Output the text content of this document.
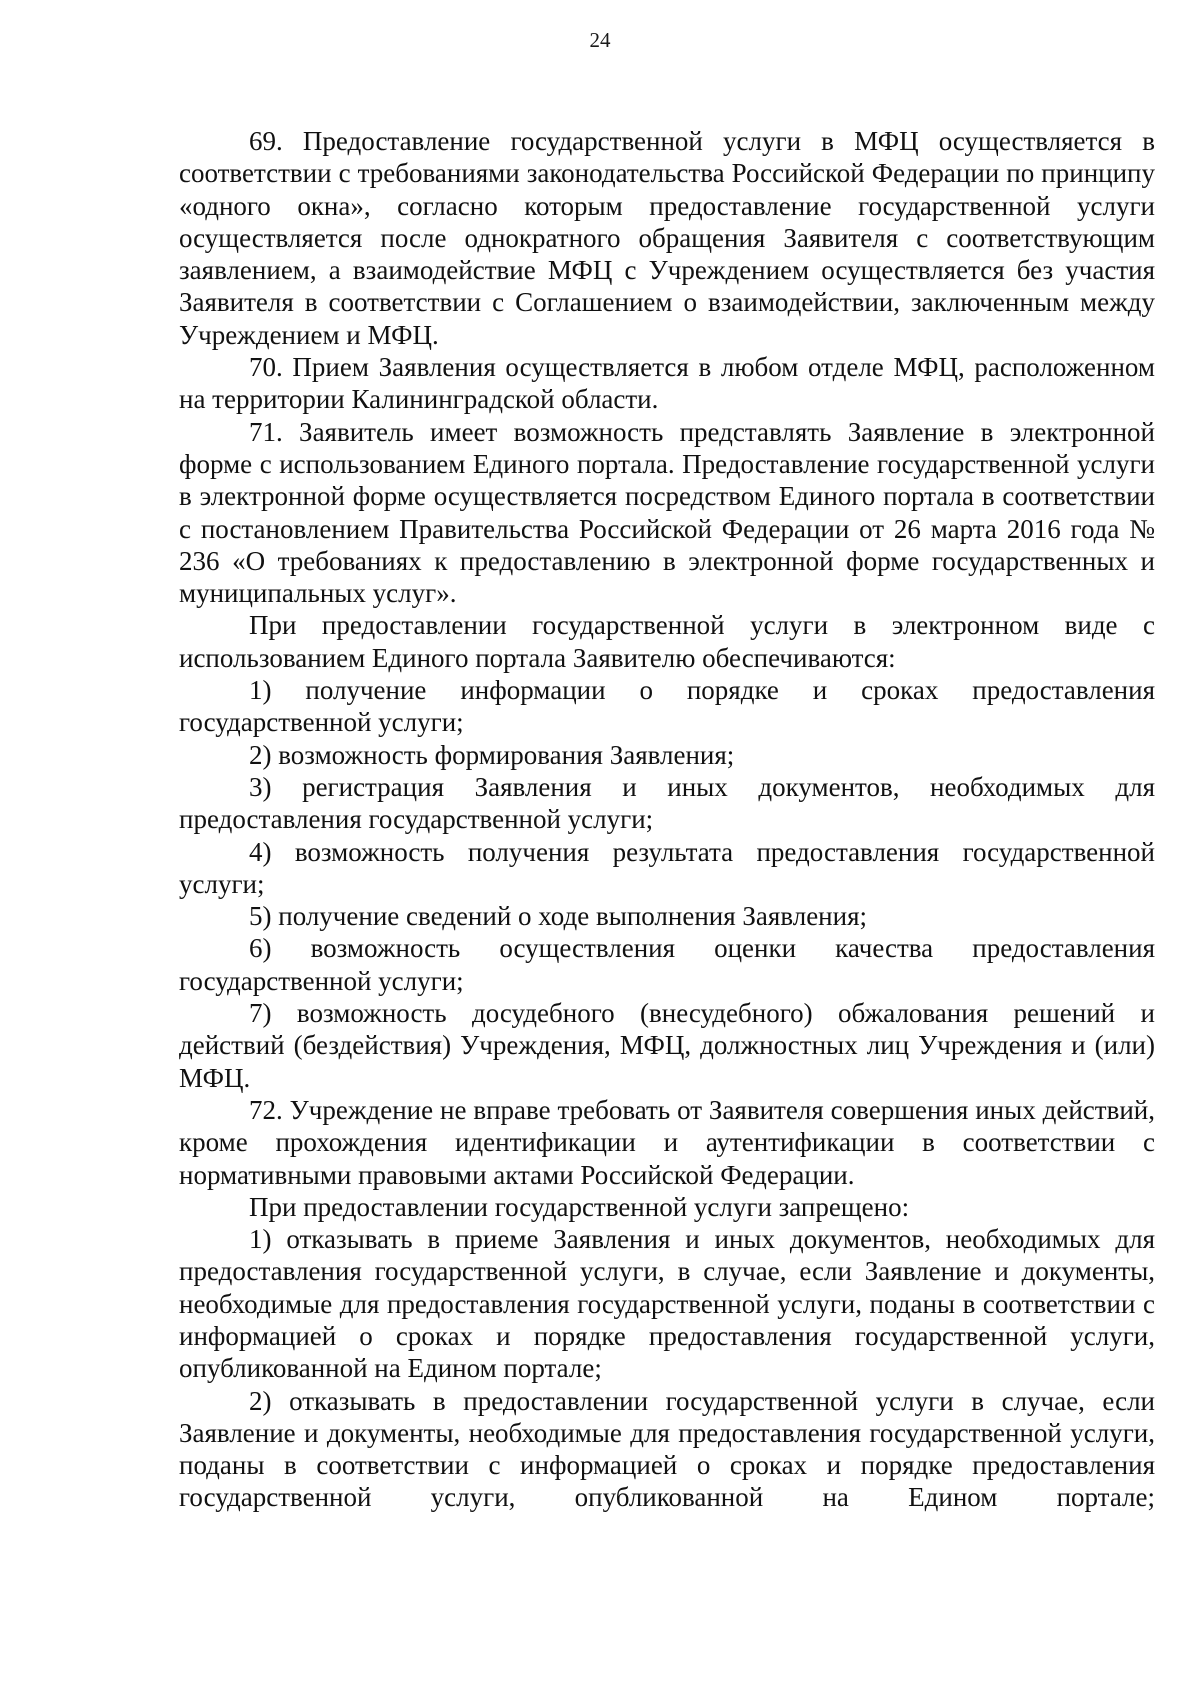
24

69. Предоставление государственной услуги в МФЦ осуществляется в соответствии с требованиями законодательства Российской Федерации по принципу «одного окна», согласно которым предоставление государственной услуги осуществляется после однократного обращения Заявителя с соответствующим заявлением, а взаимодействие МФЦ с Учреждением осуществляется без участия Заявителя в соответствии с Соглашением о взаимодействии, заключенным между Учреждением и МФЦ.

70. Прием Заявления осуществляется в любом отделе МФЦ, расположенном на территории Калининградской области.

71. Заявитель имеет возможность представлять Заявление в электронной форме с использованием Единого портала. Предоставление государственной услуги в электронной форме осуществляется посредством Единого портала в соответствии с постановлением Правительства Российской Федерации от 26 марта 2016 года № 236 «О требованиях к предоставлению в электронной форме государственных и муниципальных услуг».

При предоставлении государственной услуги в электронном виде с использованием Единого портала Заявителю обеспечиваются:

1) получение информации о порядке и сроках предоставления государственной услуги;

2) возможность формирования Заявления;

3) регистрация Заявления и иных документов, необходимых для предоставления государственной услуги;

4) возможность получения результата предоставления государственной услуги;

5) получение сведений о ходе выполнения Заявления;

6) возможность осуществления оценки качества предоставления государственной услуги;

7) возможность досудебного (внесудебного) обжалования решений и действий (бездействия) Учреждения, МФЦ, должностных лиц Учреждения и (или) МФЦ.

72. Учреждение не вправе требовать от Заявителя совершения иных действий, кроме прохождения идентификации и аутентификации в соответствии с нормативными правовыми актами Российской Федерации.

При предоставлении государственной услуги запрещено:

1) отказывать в приеме Заявления и иных документов, необходимых для предоставления государственной услуги, в случае, если Заявление и документы, необходимые для предоставления государственной услуги, поданы в соответствии с информацией о сроках и порядке предоставления государственной услуги, опубликованной на Едином портале;

2) отказывать в предоставлении государственной услуги в случае, если Заявление и документы, необходимые для предоставления государственной услуги, поданы в соответствии с информацией о сроках и порядке предоставления государственной услуги, опубликованной на Едином портале;
